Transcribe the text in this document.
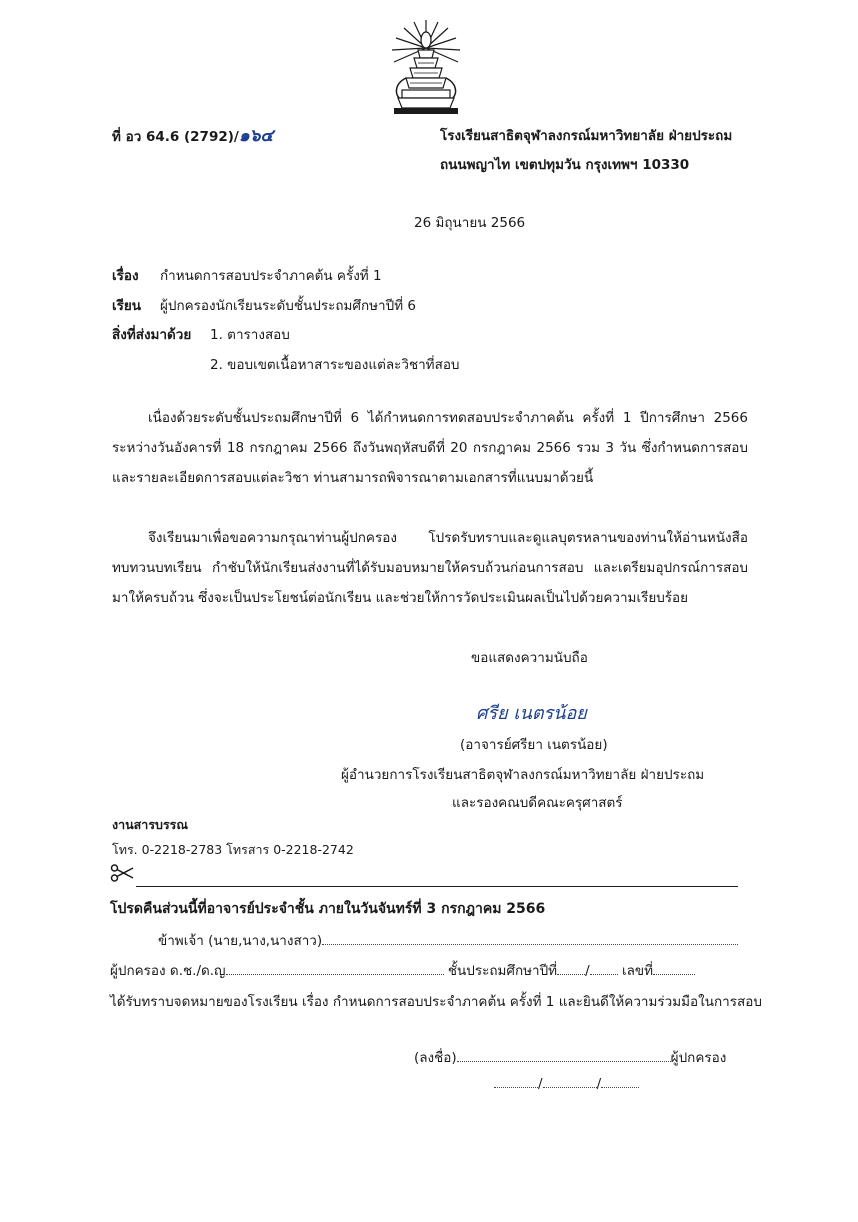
ที่ อว 64.6 (2792)/๑๖๔	โรงเรียนสาธิตจุฬาลงกรณ์มหาวิทยาลัย ฝ่ายประถม
ถนนพญาไท เขตปทุมวัน กรุงเทพฯ 10330
26 มิถุนายน 2566
เรื่อง กำหนดการสอบประจำภาคต้น ครั้งที่ 1
เรียน ผู้ปกครองนักเรียนระดับชั้นประถมศึกษาปีที่ 6
สิ่งที่ส่งมาด้วย 1. ตารางสอบ
2. ขอบเขตเนื้อหาสาระของแต่ละวิชาที่สอบ
เนื่องด้วยระดับชั้นประถมศึกษาปีที่ 6 ได้กำหนดการทดสอบประจำภาคต้น ครั้งที่ 1 ปีการศึกษา 2566 ระหว่างวันอังคารที่ 18 กรกฎาคม 2566 ถึงวันพฤหัสบดีที่ 20 กรกฎาคม 2566 รวม 3 วัน ซึ่งกำหนดการสอบและรายละเอียดการสอบแต่ละวิชา ท่านสามารถพิจารณาตามเอกสารที่แนบมาด้วยนี้
จึงเรียนมาเพื่อขอความกรุณาท่านผู้ปกครอง โปรดรับทราบและดูแลบุตรหลานของท่านให้อ่านหนังสือทบทวนบทเรียน กำชับให้นักเรียนส่งงานที่ได้รับมอบหมายให้ครบถ้วนก่อนการสอบ และเตรียมอุปกรณ์การสอบมาให้ครบถ้วน ซึ่งจะเป็นประโยชน์ต่อนักเรียน และช่วยให้การวัดประเมินผลเป็นไปด้วยความเรียบร้อย
ขอแสดงความนับถือ
ศรีย เนตรน้อย
(อาจารย์ศรียา เนตรน้อย)
ผู้อำนวยการโรงเรียนสาธิตจุฬาลงกรณ์มหาวิทยาลัย ฝ่ายประถม
และรองคณบดีคณะครุศาสตร์
งานสารบรรณ
โทร. 0-2218-2783 โทรสาร 0-2218-2742
โปรดคืนส่วนนี้ที่อาจารย์ประจำชั้น ภายในวันจันทร์ที่ 3 กรกฎาคม 2566
ข้าพเจ้า (นาย,นาง,นางสาว)
ผู้ปกครอง ด.ช./ด.ญ	ชั้นประถมศึกษาปีที่ / เลขที่
ได้รับทราบจดหมายของโรงเรียน เรื่อง กำหนดการสอบประจำภาคต้น ครั้งที่ 1 และยินดีให้ความร่วมมือในการสอบ
(ลงชื่อ)	ผู้ปกครอง
/	/
